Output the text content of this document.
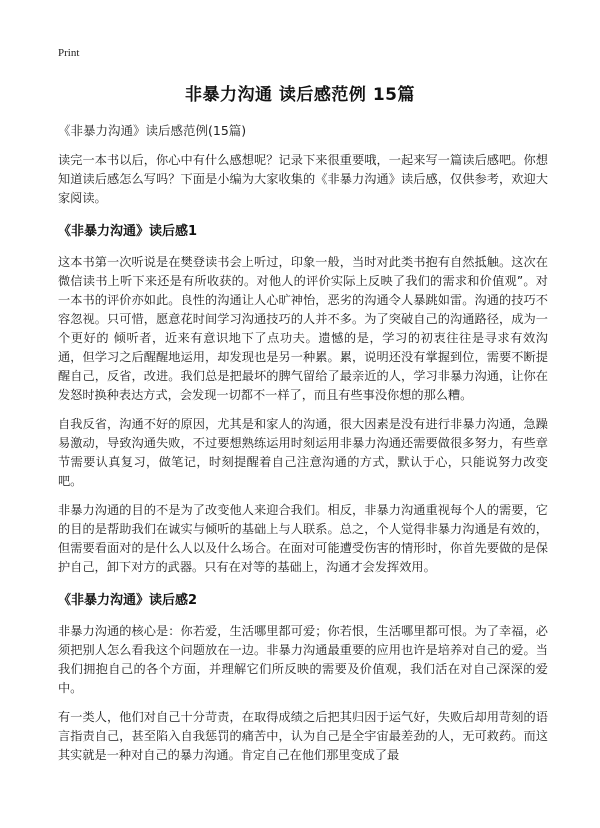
Print
非暴力沟通 读后感范例 15篇
《非暴力沟通》读后感范例(15篇)

读完一本书以后，你心中有什么感想呢？记录下来很重要哦，一起来写一篇读后感吧。你想知道读后感怎么写吗？下面是小编为大家收集的《非暴力沟通》读后感，仅供参考，欢迎大家阅读。

《非暴力沟通》读后感1

这本书第一次听说是在樊登读书会上听过，印象一般，当时对此类书抱有自然抵触。这次在微信读书上听下来还是有所收获的。对他人的评价实际上反映了我们的需求和价值观”。对一本书的评价亦如此。良性的沟通让人心旷神怡，恶劣的沟通令人暴跳如雷。沟通的技巧不容忽视。只可惜，愿意花时间学习沟通技巧的人并不多。为了突破自己的沟通路径，成为一个更好的 倾听者，近来有意识地下了点功夫。遗憾的是，学习的初衷往往是寻求有效沟通，但学习之后醒醒地运用，却发现也是另一种累。累，说明还没有掌握到位，需要不断提醒自己，反省，改进。我们总是把最坏的脾气留给了最亲近的人，学习非暴力沟通，让你在发怒时换种表达方式，会发现一切都不一样了，而且有些事没你想的那么糟。

自我反省，沟通不好的原因，尤其是和家人的沟通，很大因素是没有进行非暴力沟通，急躁易激动，导致沟通失败，不过要想熟练运用时刻运用非暴力沟通还需要做很多努力，有些章节需要认真复习，做笔记，时刻提醒着自己注意沟通的方式，默认于心，只能说努力改变吧。

非暴力沟通的目的不是为了改变他人来迎合我们。相反，非暴力沟通重视每个人的需要，它的目的是帮助我们在诚实与倾听的基础上与人联系。总之，个人觉得非暴力沟通是有效的，但需要看面对的是什么人以及什么场合。在面对可能遭受伤害的情形时，你首先要做的是保护自己，卸下对方的武器。只有在对等的基础上，沟通才会发挥效用。

《非暴力沟通》读后感2

非暴力沟通的核心是：你若爱，生活哪里都可爱；你若恨，生活哪里都可恨。为了幸福，必须把别人怎么看我这个问题放在一边。非暴力沟通最重要的应用也许是培养对自己的爱。当我们拥抱自己的各个方面，并理解它们所反映的需要及价值观，我们活在对自己深深的爱中。

有一类人，他们对自己十分苛责，在取得成绩之后把其归因于运气好，失败后却用苛刻的语言指责自己，甚至陷入自我惩罚的痛苦中，认为自己是全宇宙最差劲的人，无可救药。而这其实就是一种对自己的暴力沟通。肯定自己在他们那里变成了最
